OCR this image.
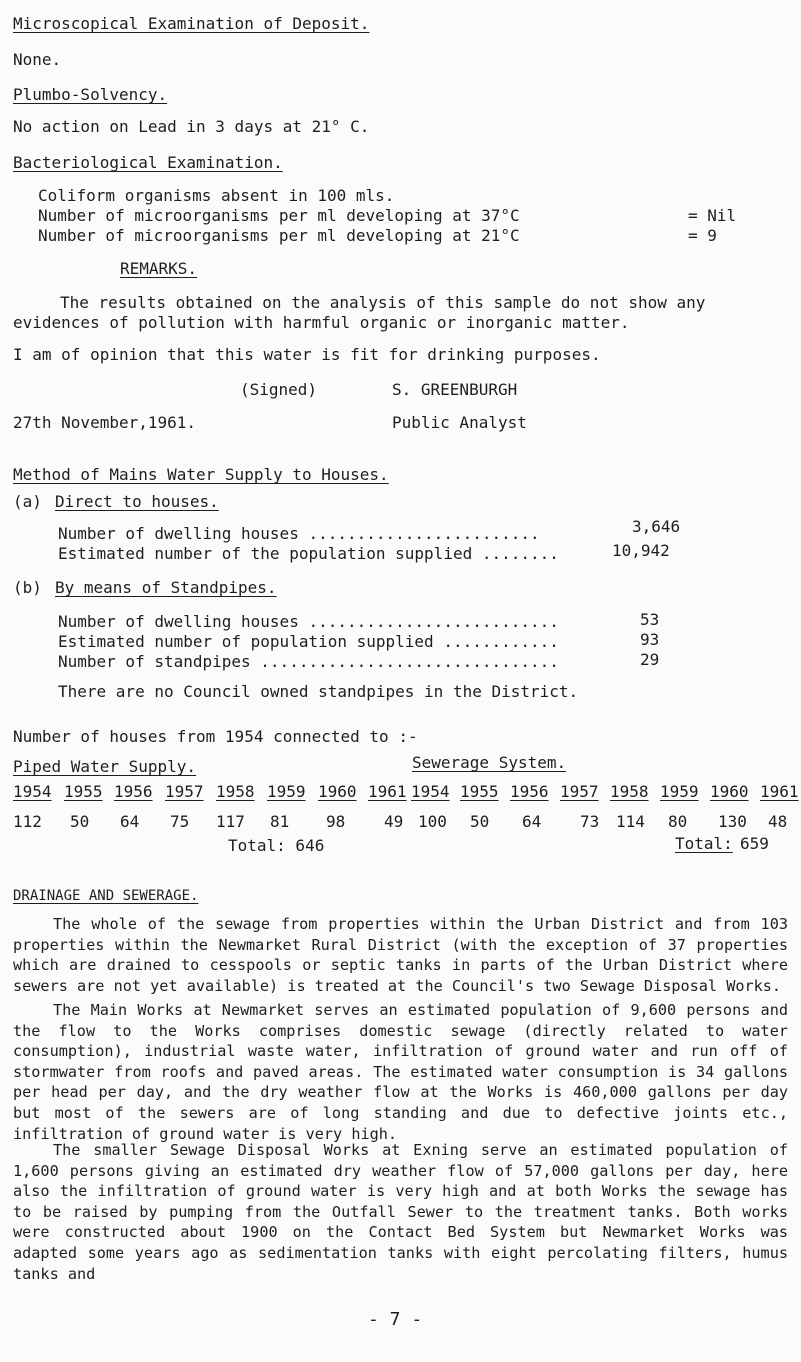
Microscopical Examination of Deposit.
None.
Plumbo-Solvency.
No action on Lead in 3 days at 21° C.
Bacteriological Examination.
Coliform organisms absent in 100 mls.
Number of microorganisms per ml developing at 37°C	= Nil
Number of microorganisms per ml developing at 21°C	= 9
REMARKS.
The results obtained on the analysis of this sample do not show any
evidences of pollution with harmful organic or inorganic matter.
I am of opinion that this water is fit for drinking purposes.
(Signed)	S. GREENBURGH
27th November,1961.	Public Analyst
Method of Mains Water Supply to Houses.
(a) Direct to houses.
Number of dwelling houses ........................	3,646
Estimated number of the population supplied ........	10,942
(b) By means of Standpipes.
Number of dwelling houses ..........................	53
Estimated number of population supplied ............	93
Number of standpipes ...............................	29
There are no Council owned standpipes in the District.
Number of houses from 1954 connected to :-
Piped Water Supply.	Sewerage System.
1954 1955 1956 1957 1958 1959 1960 1961
112 50 64 75 117 81 98 49
1954 1955 1956 1957 1958 1959 1960 1961
100 50 64 73 114 80 130 48
Total: 646	Total: 659
DRAINAGE AND SEWERAGE.

The whole of the sewage from properties within the Urban District and from 103 properties within the Newmarket Rural District (with the exception of 37 properties which are drained to cesspools or septic tanks in parts of the Urban District where sewers are not yet available) is treated at the Council's two Sewage Disposal Works.

The Main Works at Newmarket serves an estimated population of 9,600 persons and the flow to the Works comprises domestic sewage (directly related to water consumption), industrial waste water, infiltration of ground water and run off of stormwater from roofs and paved areas. The estimated water consumption is 34 gallons per head per day, and the dry weather flow at the Works is 460,000 gallons per day but most of the sewers are of long standing and due to defective joints etc., infiltration of ground water is very high.

The smaller Sewage Disposal Works at Exning serve an estimated population of 1,600 persons giving an estimated dry weather flow of 57,000 gallons per day, here also the infiltration of ground water is very high and at both Works the sewage has to be raised by pumping from the Outfall Sewer to the treatment tanks. Both works were constructed about 1900 on the Contact Bed System but Newmarket Works was adapted some years ago as sedimentation tanks with eight percolating filters, humus tanks and

- 7 -
